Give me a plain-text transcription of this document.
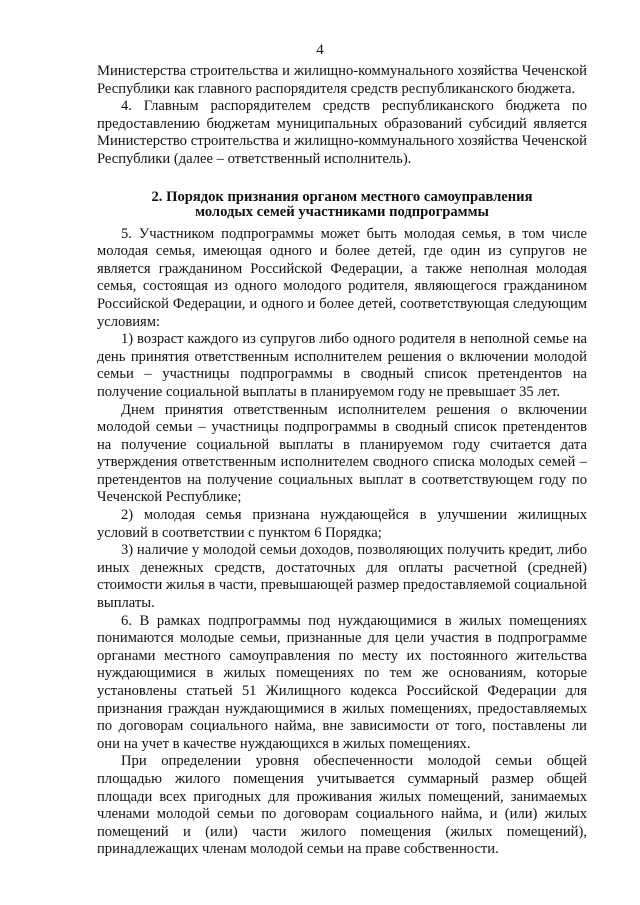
4

Министерства строительства и жилищно-коммунального хозяйства Чеченской Республики как главного распорядителя средств республиканского бюджета.

4. Главным распорядителем средств республиканского бюджета по предоставлению бюджетам муниципальных образований субсидий является Министерство строительства и жилищно-коммунального хозяйства Чеченской Республики (далее – ответственный исполнитель).

2. Порядок признания органом местного самоуправления
молодых семей участниками подпрограммы

5. Участником подпрограммы может быть молодая семья, в том числе молодая семья, имеющая одного и более детей, где один из супругов не является гражданином Российской Федерации, а также неполная молодая семья, состоящая из одного молодого родителя, являющегося гражданином Российской Федерации, и одного и более детей, соответствующая следующим условиям:

1) возраст каждого из супругов либо одного родителя в неполной семье на день принятия ответственным исполнителем решения о включении молодой семьи – участницы подпрограммы в сводный список претендентов на получение социальной выплаты в планируемом году не превышает 35 лет.

Днем принятия ответственным исполнителем решения о включении молодой семьи – участницы подпрограммы в сводный список претендентов на получение социальной выплаты в планируемом году считается дата утверждения ответственным исполнителем сводного списка молодых семей – претендентов на получение социальных выплат в соответствующем году по Чеченской Республике;

2) молодая семья признана нуждающейся в улучшении жилищных условий в соответствии с пунктом 6 Порядка;

3) наличие у молодой семьи доходов, позволяющих получить кредит, либо иных денежных средств, достаточных для оплаты расчетной (средней) стоимости жилья в части, превышающей размер предоставляемой социальной выплаты.

6. В рамках подпрограммы под нуждающимися в жилых помещениях понимаются молодые семьи, признанные для цели участия в подпрограмме органами местного самоуправления по месту их постоянного жительства нуждающимися в жилых помещениях по тем же основаниям, которые установлены статьей 51 Жилищного кодекса Российской Федерации для признания граждан нуждающимися в жилых помещениях, предоставляемых по договорам социального найма, вне зависимости от того, поставлены ли они на учет в качестве нуждающихся в жилых помещениях.

При определении уровня обеспеченности молодой семьи общей площадью жилого помещения учитывается суммарный размер общей площади всех пригодных для проживания жилых помещений, занимаемых членами молодой семьи по договорам социального найма, и (или) жилых помещений и (или) части жилого помещения (жилых помещений), принадлежащих членам молодой семьи на праве собственности.
